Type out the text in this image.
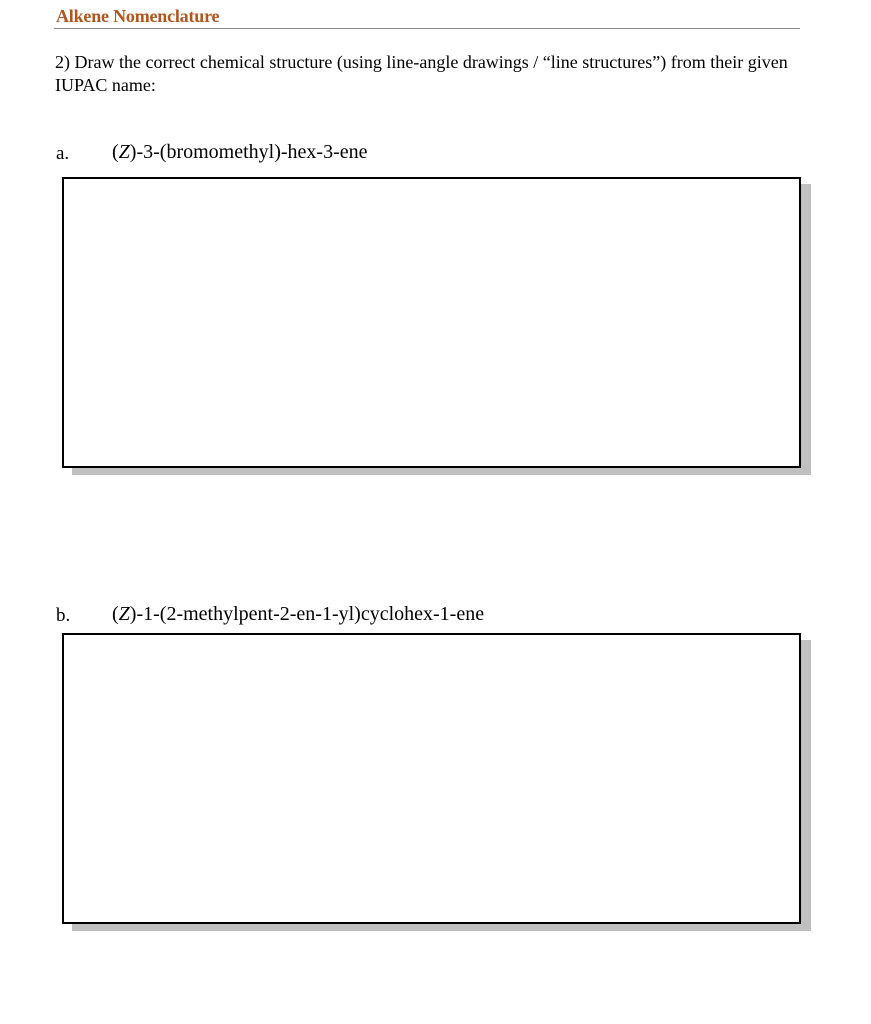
Alkene Nomenclature
2) Draw the correct chemical structure (using line-angle drawings / “line structures”) from their given IUPAC name:
a. (Z)-3-(bromomethyl)-hex-3-ene
b. (Z)-1-(2-methylpent-2-en-1-yl)cyclohex-1-ene
